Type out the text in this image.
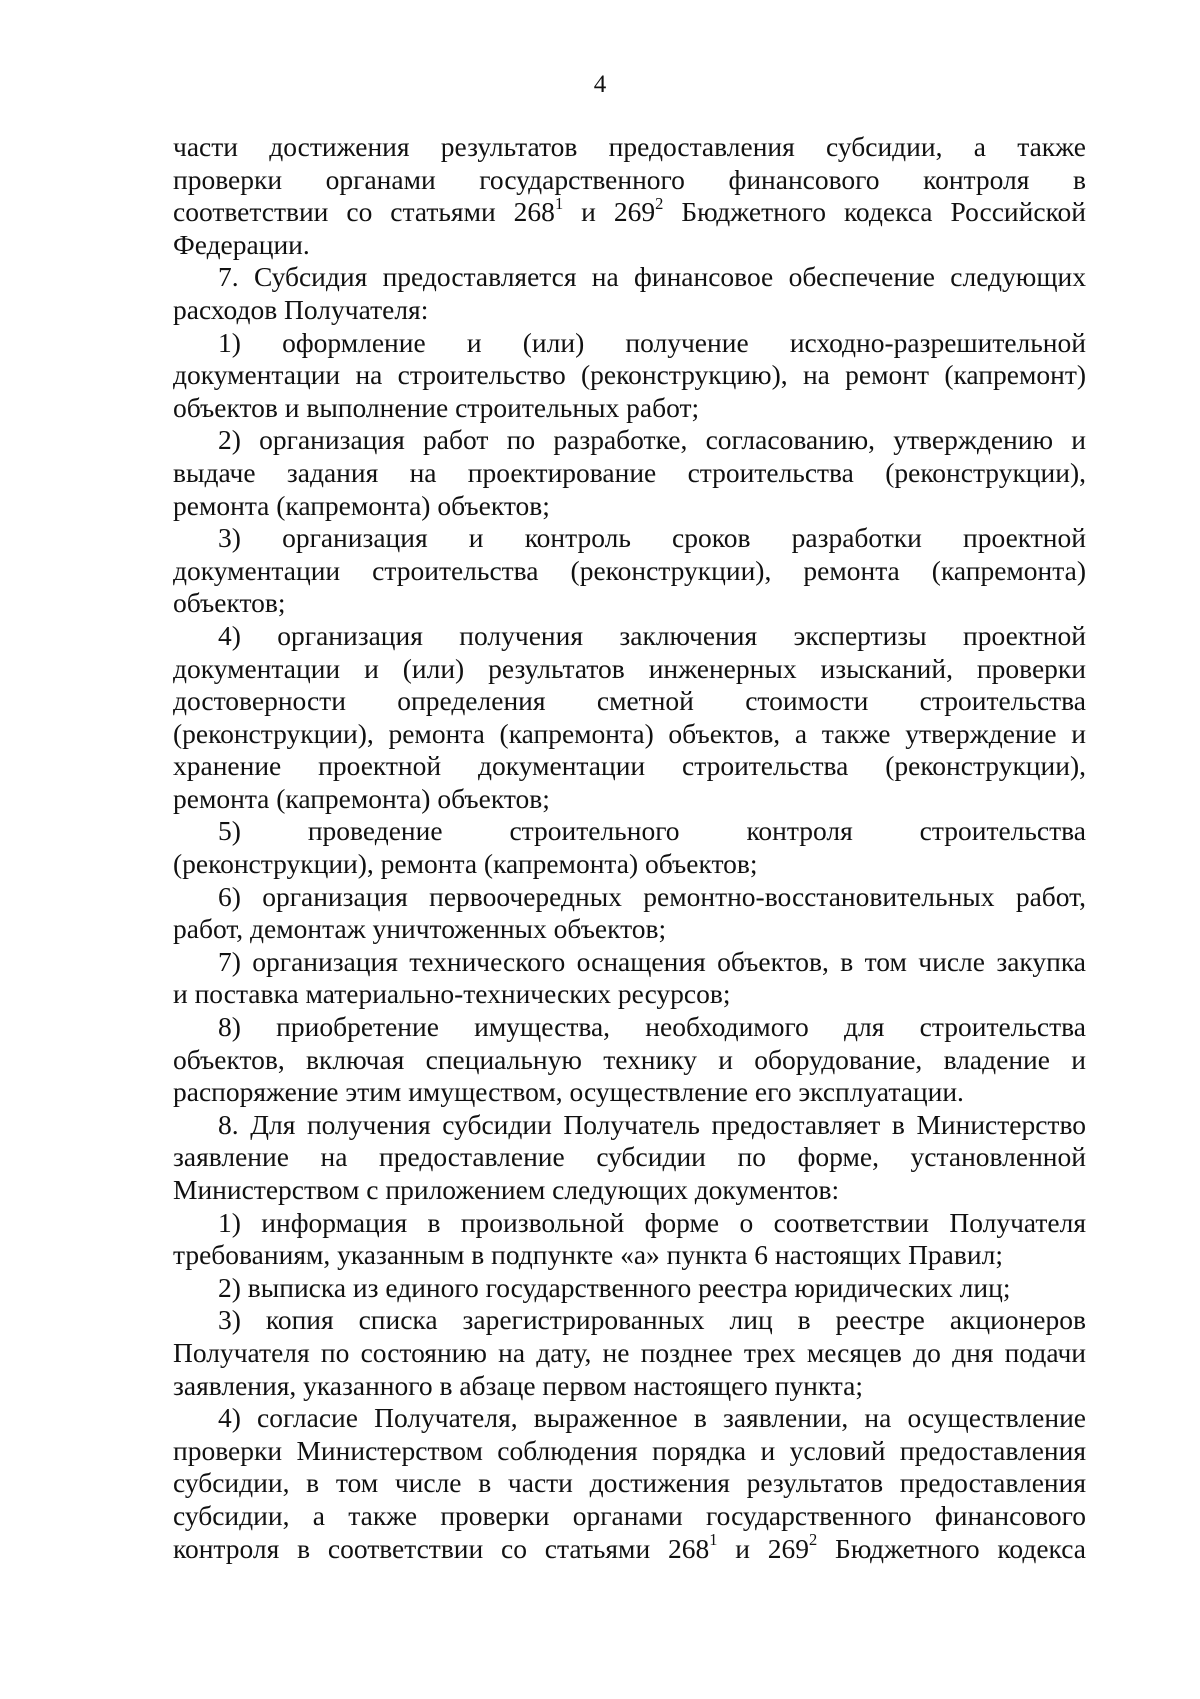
4
части достижения результатов предоставления субсидии, а также
проверки органами государственного финансового контроля в
соответствии со статьями $268^1$ и $269^2$ Бюджетного кодекса Российской
Федерации.
7. Субсидия предоставляется на финансовое обеспечение следующих
расходов Получателя:
1) оформление и (или) получение исходно-разрешительной
документации на строительство (реконструкцию), на ремонт (капремонт)
объектов и выполнение строительных работ;
2) организация работ по разработке, согласованию, утверждению и
выдаче задания на проектирование строительства (реконструкции),
ремонта (капремонта) объектов;
3) организация и контроль сроков разработки проектной
документации строительства (реконструкции), ремонта (капремонта)
объектов;
4) организация получения заключения экспертизы проектной
документации и (или) результатов инженерных изысканий, проверки
достоверности определения сметной стоимости строительства
(реконструкции), ремонта (капремонта) объектов, а также утверждение и
хранение проектной документации строительства (реконструкции),
ремонта (капремонта) объектов;
5) проведение строительного контроля строительства
(реконструкции), ремонта (капремонта) объектов;
6) организация первоочередных ремонтно-восстановительных работ,
работ, демонтаж уничтоженных объектов;
7) организация технического оснащения объектов, в том числе закупка
и поставка материально-технических ресурсов;
8) приобретение имущества, необходимого для строительства
объектов, включая специальную технику и оборудование, владение и
распоряжение этим имуществом, осуществление его эксплуатации.
8. Для получения субсидии Получатель предоставляет в Министерство
заявление на предоставление субсидии по форме, установленной
Министерством с приложением следующих документов:
1) информация в произвольной форме о соответствии Получателя
требованиям, указанным в подпункте «а» пункта 6 настоящих Правил;
2) выписка из единого государственного реестра юридических лиц;
3) копия списка зарегистрированных лиц в реестре акционеров
Получателя по состоянию на дату, не позднее трех месяцев до дня подачи
заявления, указанного в абзаце первом настоящего пункта;
4) согласие Получателя, выраженное в заявлении, на осуществление
проверки Министерством соблюдения порядка и условий предоставления
субсидии, в том числе в части достижения результатов предоставления
субсидии, а также проверки органами государственного финансового
контроля в соответствии со статьями $268^1$ и $269^2$ Бюджетного кодекса
